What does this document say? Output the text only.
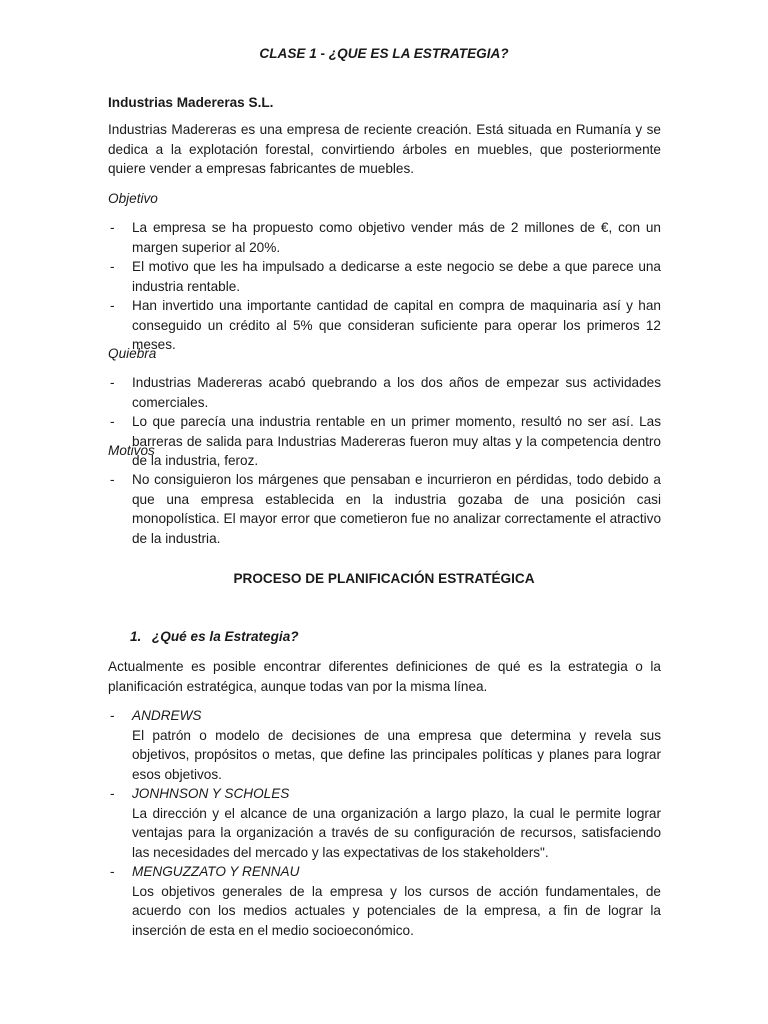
CLASE 1 - ¿QUE ES LA ESTRATEGIA?
Industrias Madereras S.L.

Industrias Madereras es una empresa de reciente creación. Está situada en Rumanía y se dedica a la explotación forestal, convirtiendo árboles en muebles, que posteriormente quiere vender a empresas fabricantes de muebles.

Objetivo

- La empresa se ha propuesto como objetivo vender más de 2 millones de €, con un margen superior al 20%.
- El motivo que les ha impulsado a dedicarse a este negocio se debe a que parece una industria rentable.
- Han invertido una importante cantidad de capital en compra de maquinaria así y han conseguido un crédito al 5% que consideran suficiente para operar los primeros 12 meses.

Quiebra

- Industrias Madereras acabó quebrando a los dos años de empezar sus actividades comerciales.
- Lo que parecía una industria rentable en un primer momento, resultó no ser así. Las barreras de salida para Industrias Madereras fueron muy altas y la competencia dentro de la industria, feroz.

Motivos

- No consiguieron los márgenes que pensaban e incurrieron en pérdidas, todo debido a que una empresa establecida en la industria gozaba de una posición casi monopolística. El mayor error que cometieron fue no analizar correctamente el atractivo de la industria.
PROCESO DE PLANIFICACIÓN ESTRATÉGICA
1. ¿Qué es la Estrategia?

Actualmente es posible encontrar diferentes definiciones de qué es la estrategia o la planificación estratégica, aunque todas van por la misma línea.

- ANDREWS
El patrón o modelo de decisiones de una empresa que determina y revela sus objetivos, propósitos o metas, que define las principales políticas y planes para lograr esos objetivos.
- JONHNSON Y SCHOLES
La dirección y el alcance de una organización a largo plazo, la cual le permite lograr ventajas para la organización a través de su configuración de recursos, satisfaciendo las necesidades del mercado y las expectativas de los stakeholders".
- MENGUZZATO Y RENNAU
Los objetivos generales de la empresa y los cursos de acción fundamentales, de acuerdo con los medios actuales y potenciales de la empresa, a fin de lograr la inserción de esta en el medio socioeconómico.
